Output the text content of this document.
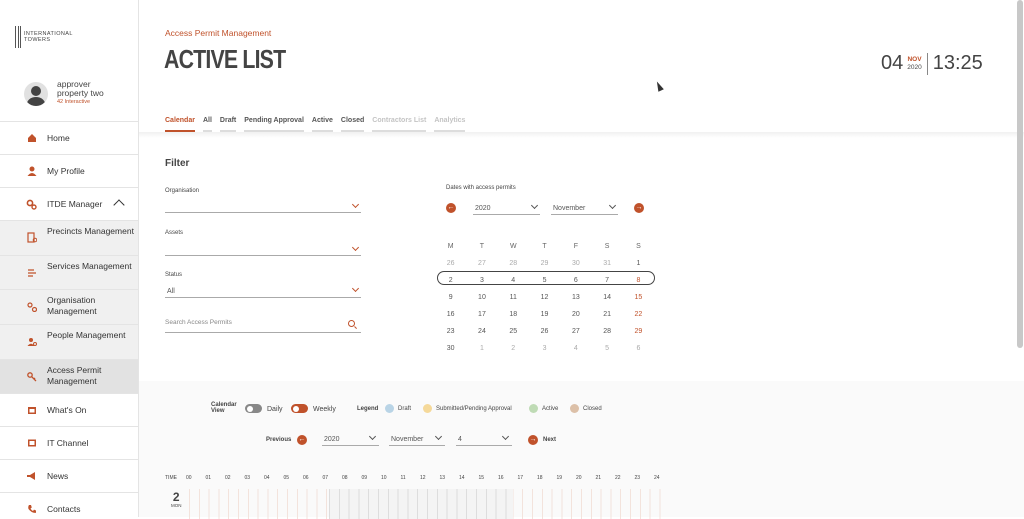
INTERNATIONAL
TOWERS
approver
property two
42 Interactive
Home
My Profile
ITDE Manager
Precincts Management
Services Management
Organisation Management
People Management
Access Permit Management
What's On
IT Channel
News
Contacts
Access Permit Management
ACTIVE LIST	04 NOV
2020 13:25
Calendar All Draft Pending Approval Active Closed Contractors List Analytics
Filter
Organisation
Assets
Status
All
Search Access Permits
Dates with access permits
←	2020	November	→
M	T	W	T	F	S	S
26	27	28	29	30	31	1
2	3	4	5	6	7	8
9	10	11	12	13	14	15
16	17	18	19	20	21	22
23	24	25	26	27	28	29
30	1	2	3	4	5	6
Calendar View	Daily	Weekly	Legend	Draft	Submitted/Pending Approval	Active	Closed
Previous ←	2020	November	4	→ Next
TIME 00	01	02	03	04	05	06	07	08	09	10	11	12	13	14	15	16	17	18	19	20	21	22	23	24
2
MON
